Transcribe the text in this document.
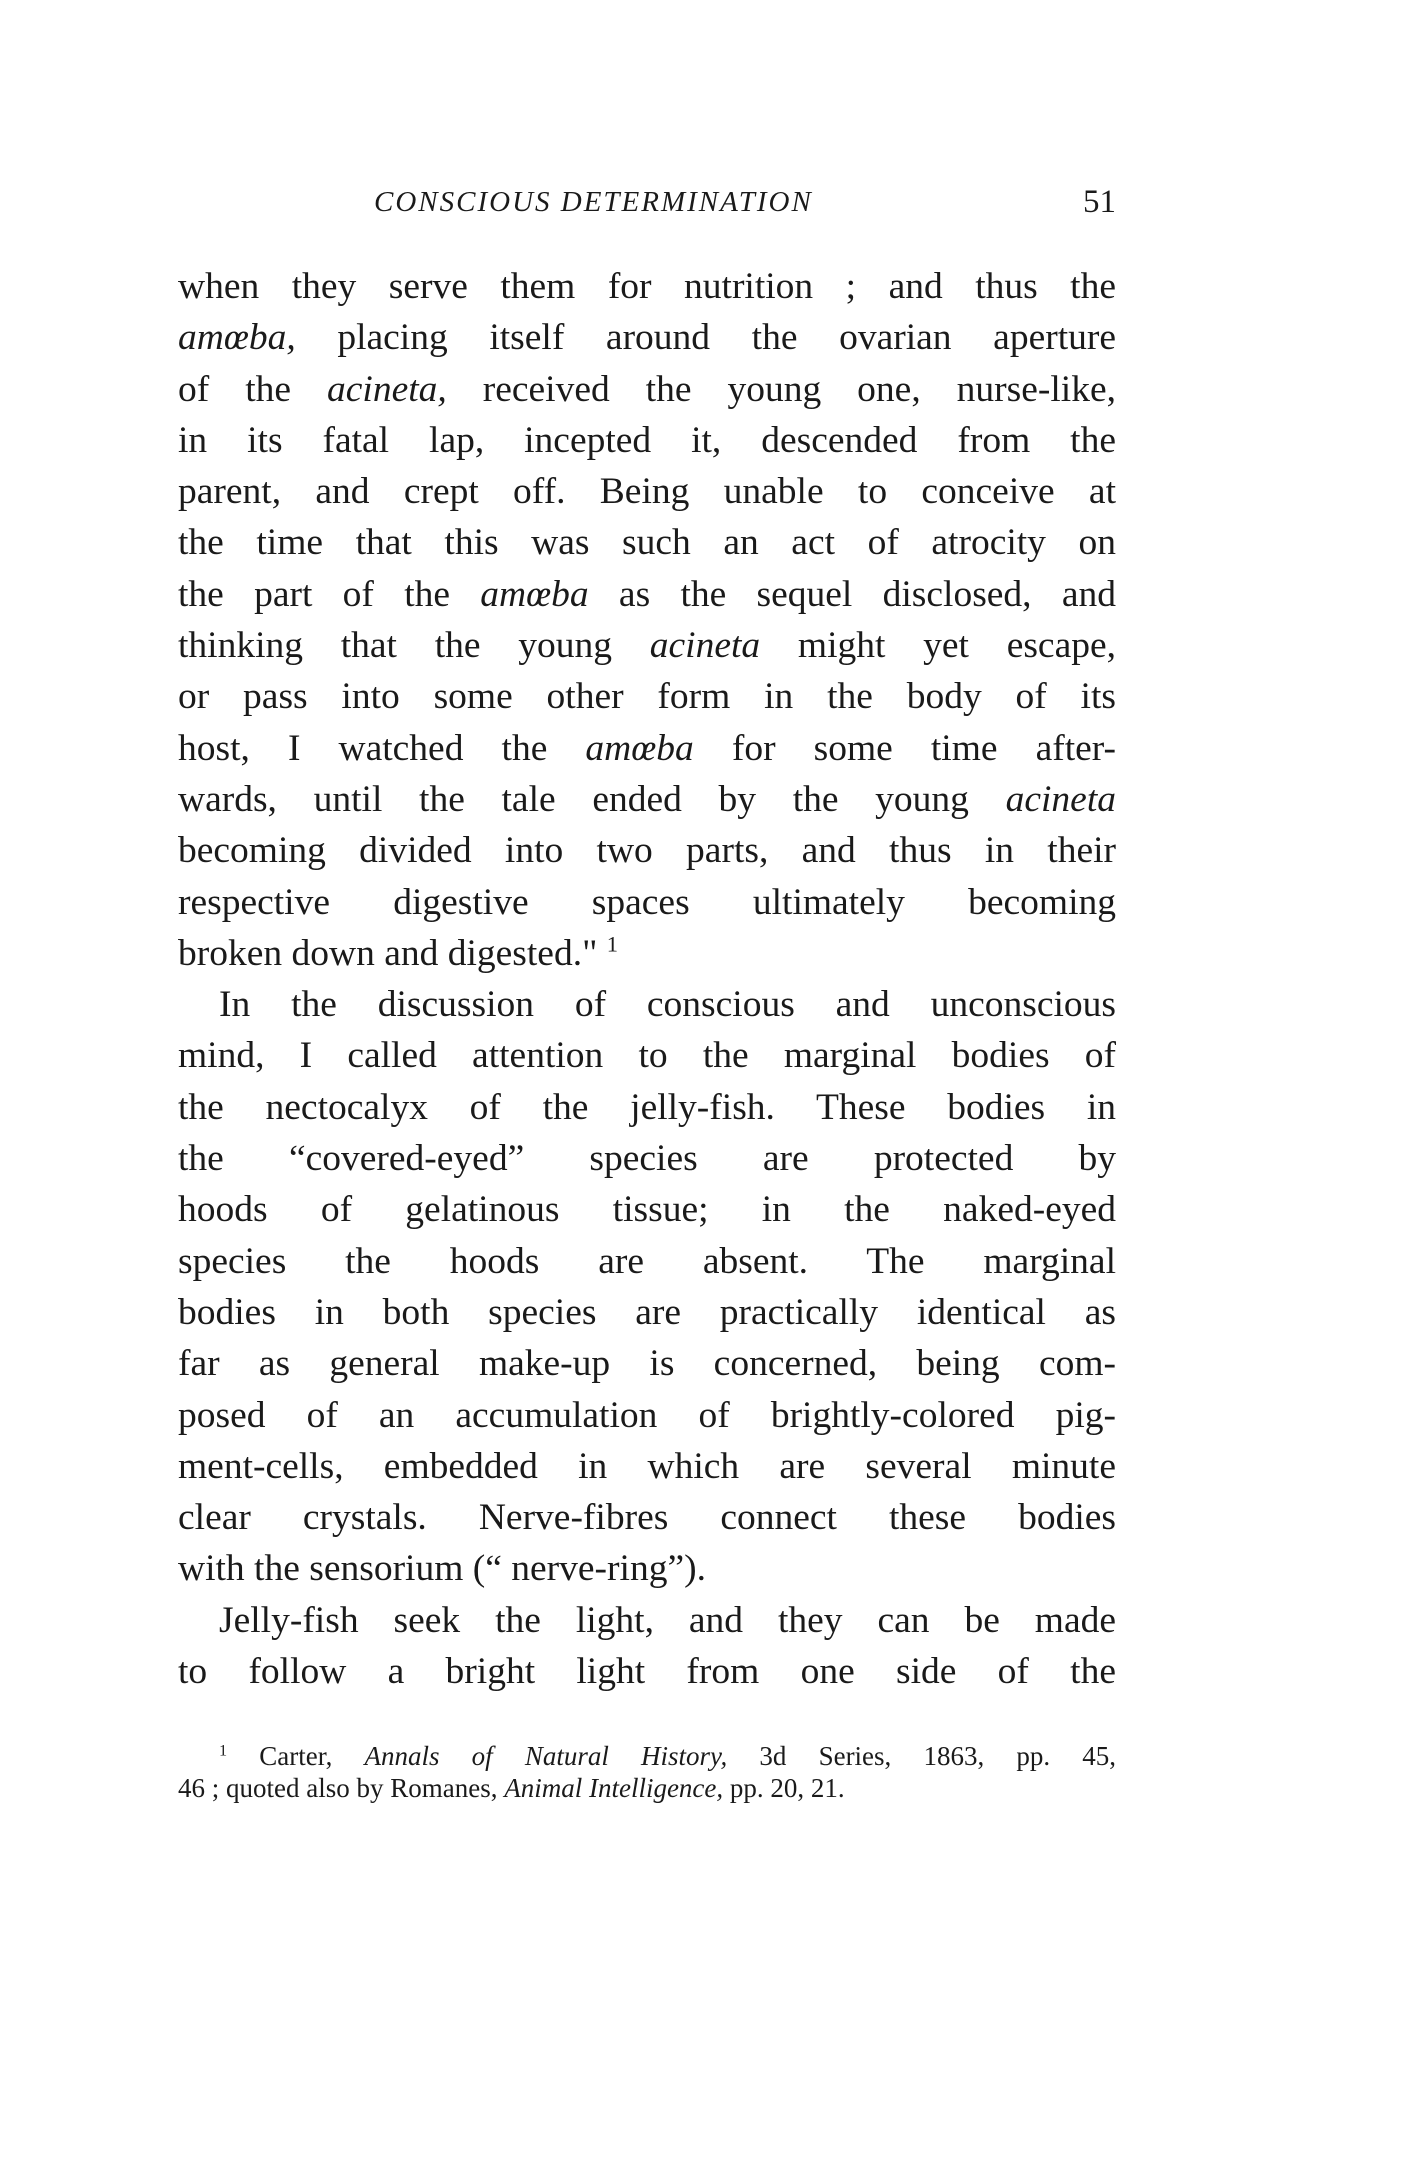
CONSCIOUS DETERMINATION	51
when they serve them for nutrition ; and thus the
amœba, placing itself around the ovarian aperture
of the acineta, received the young one, nurse-like,
in its fatal lap, incepted it, descended from the
parent, and crept off. Being unable to conceive at
the time that this was such an act of atrocity on
the part of the amœba as the sequel disclosed, and
thinking that the young acineta might yet escape,
or pass into some other form in the body of its
host, I watched the amœba for some time after-
wards, until the tale ended by the young acineta
becoming divided into two parts, and thus in their
respective digestive spaces ultimately becoming
broken down and digested." $^1$
In the discussion of conscious and unconscious
mind, I called attention to the marginal bodies of
the nectocalyx of the jelly-fish. These bodies in
the “covered-eyed” species are protected by
hoods of gelatinous tissue; in the naked-eyed
species the hoods are absent. The marginal
bodies in both species are practically identical as
far as general make-up is concerned, being com-
posed of an accumulation of brightly-colored pig-
ment-cells, embedded in which are several minute
clear crystals. Nerve-fibres connect these bodies
with the sensorium (“ nerve-ring”).
Jelly-fish seek the light, and they can be made
to follow a bright light from one side of the
$^1$ Carter, Annals of Natural History, 3d Series, 1863, pp. 45,
46 ; quoted also by Romanes, Animal Intelligence, pp. 20, 21.
